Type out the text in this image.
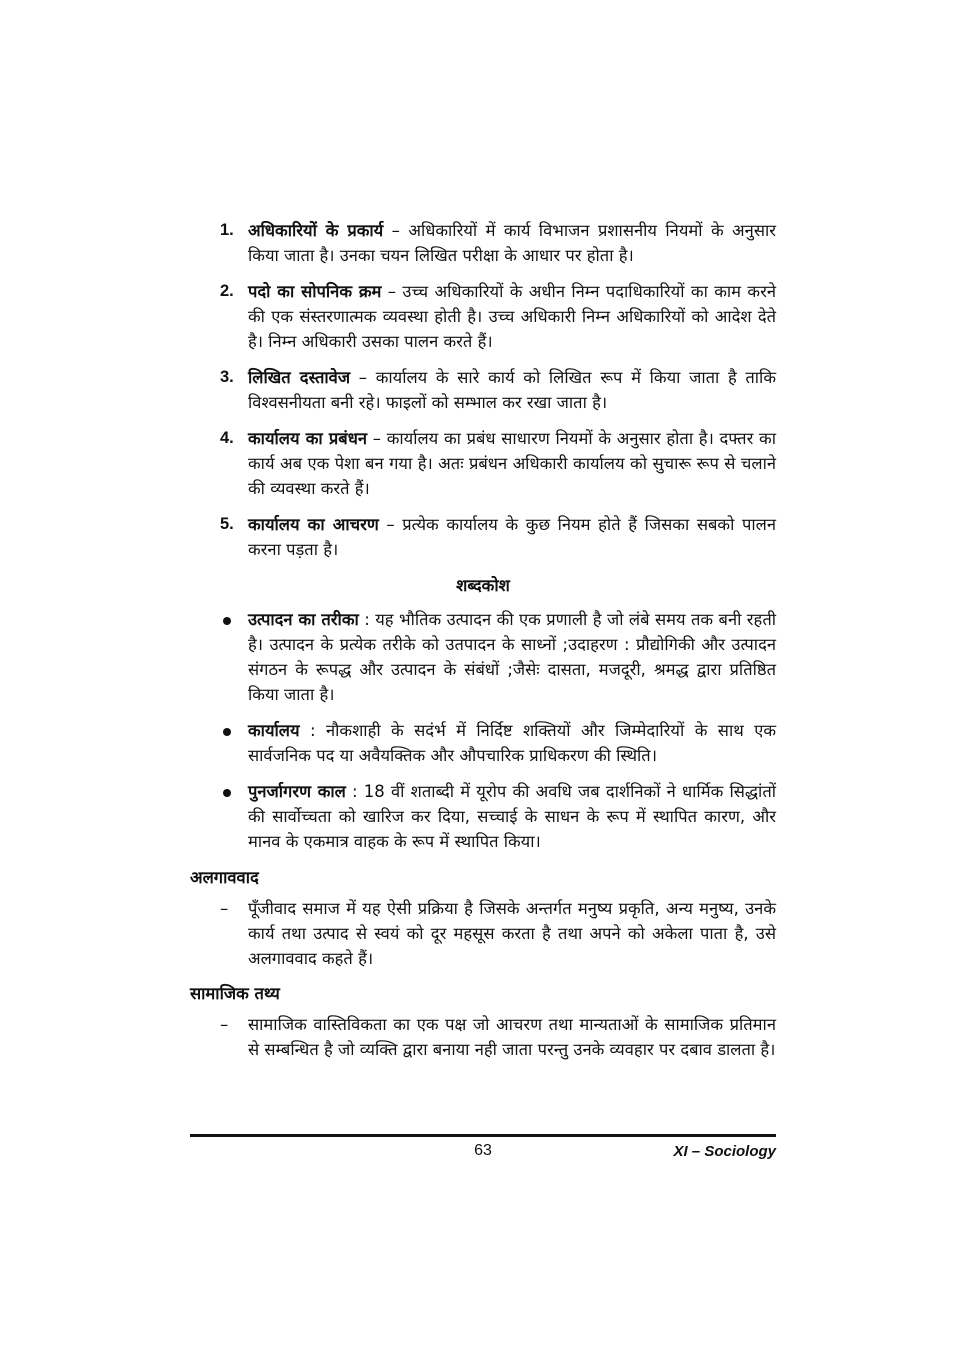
1. अधिकारियों के प्रकार्य – अधिकारियों में कार्य विभाजन प्रशासनीय नियमों के अनुसार किया जाता है। उनका चयन लिखित परीक्षा के आधार पर होता है।
2. पदो का सोपनिक क्रम – उच्च अधिकारियों के अधीन निम्न पदाधिकारियों का काम करने की एक संस्तरणात्मक व्यवस्था होती है। उच्च अधिकारी निम्न अधिकारियों को आदेश देते है। निम्न अधिकारी उसका पालन करते हैं।
3. लिखित दस्तावेज – कार्यालय के सारे कार्य को लिखित रूप में किया जाता है ताकि विश्वसनीयता बनी रहे। फाइलों को सम्भाल कर रखा जाता है।
4. कार्यालय का प्रबंधन – कार्यालय का प्रबंध साधारण नियमों के अनुसार होता है। दफ्तर का कार्य अब एक पेशा बन गया है। अतः प्रबंधन अधिकारी कार्यालय को सुचारू रूप से चलाने की व्यवस्था करते हैं।
5. कार्यालय का आचरण – प्रत्येक कार्यालय के कुछ नियम होते हैं जिसका सबको पालन करना पड़ता है।
शब्दकोश
उत्पादन का तरीका : यह भौतिक उत्पादन की एक प्रणाली है जो लंबे समय तक बनी रहती है। उत्पादन के प्रत्येक तरीके को उतपादन के साध्नों ;उदाहरण : प्रौद्योगिकी और उत्पादन संगठन के रूपद्ध और उत्पादन के संबंधों ;जैसेः दासता, मजदूरी, श्रमद्ध द्वारा प्रतिष्ठित किया जाता है।
कार्यालय : नौकशाही के सदंर्भ में निर्दिष्ट शक्तियों और जिम्मेदारियों के साथ एक सार्वजनिक पद या अवैयक्तिक और औपचारिक प्राधिकरण की स्थिति।
पुनर्जागरण काल : 18 वीं शताब्दी में यूरोप की अवधि जब दार्शनिकों ने धार्मिक सिद्धांतों की सार्वोच्चता को खारिज कर दिया, सच्चाई के साधन के रूप में स्थापित कारण, और मानव के एकमात्र वाहक के रूप में स्थापित किया।
अलगाववाद
– पूँजीवाद समाज में यह ऐसी प्रक्रिया है जिसके अन्तर्गत मनुष्य प्रकृति, अन्य मनुष्य, उनके कार्य तथा उत्पाद से स्वयं को दूर महसूस करता है तथा अपने को अकेला पाता है, उसे अलगाववाद कहते हैं।
सामाजिक तथ्य
– सामाजिक वास्तिविकता का एक पक्ष जो आचरण तथा मान्यताओं के सामाजिक प्रतिमान से सम्बन्धित है जो व्यक्ति द्वारा बनाया नही जाता परन्तु उनके व्यवहार पर दबाव डालता है।
63	XI – Sociology
